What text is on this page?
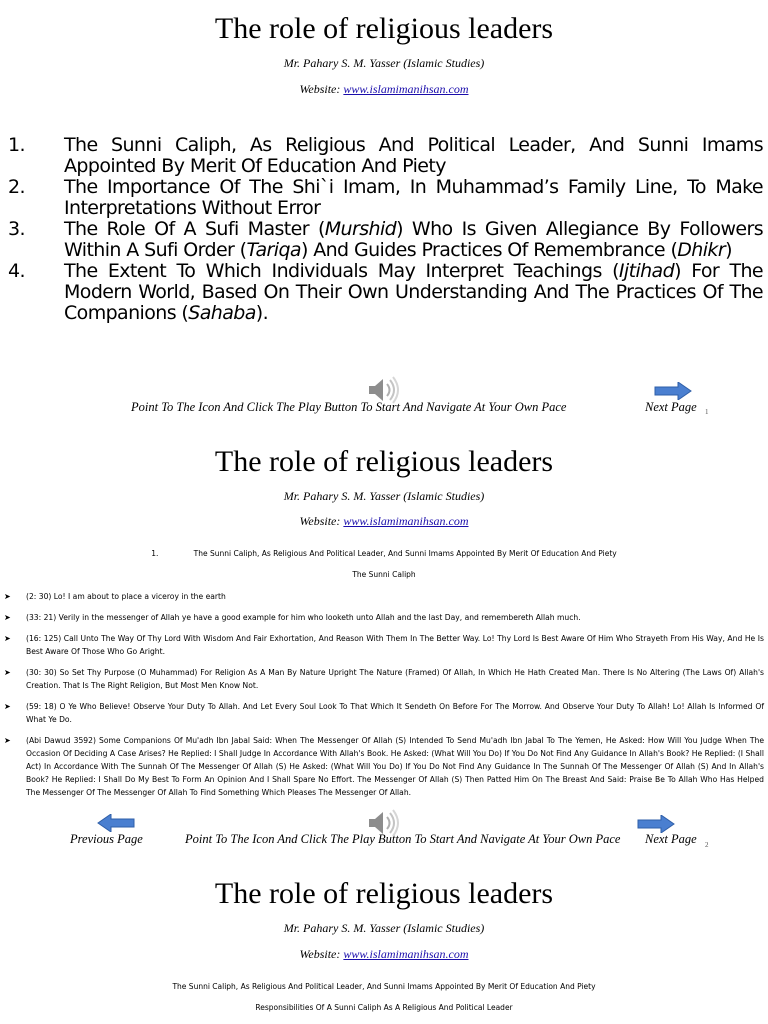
The role of religious leaders
Mr. Pahary S. M. Yasser (Islamic Studies)
Website: www.islamimanihsan.com
1. The Sunni Caliph, As Religious And Political Leader, And Sunni Imams Appointed By Merit Of Education And Piety
2. The Importance Of The Shi`i Imam, In Muhammad’s Family Line, To Make Interpretations Without Error
3. The Role Of A Sufi Master (Murshid) Who Is Given Allegiance By Followers Within A Sufi Order (Tariqa) And Guides Practices Of Remembrance (Dhikr)
4. The Extent To Which Individuals May Interpret Teachings (Ijtihad) For The Modern World, Based On Their Own Understanding And The Practices Of The Companions (Sahaba).
Point To The Icon And Click The Play Button To Start And Navigate At Your Own Pace	Next Page 1
The role of religious leaders
Mr. Pahary S. M. Yasser (Islamic Studies)
Website: www.islamimanihsan.com
1.	The Sunni Caliph, As Religious And Political Leader, And Sunni Imams Appointed By Merit Of Education And Piety
The Sunni Caliph
➤ (2: 30) Lo! I am about to place a viceroy in the earth
➤ (33: 21) Verily in the messenger of Allah ye have a good example for him who looketh unto Allah and the last Day, and remembereth Allah much.
➤ (16: 125) Call Unto The Way Of Thy Lord With Wisdom And Fair Exhortation, And Reason With Them In The Better Way. Lo! Thy Lord Is Best Aware Of Him Who Strayeth From His Way, And He Is Best Aware Of Those Who Go Aright.
➤ (30: 30) So Set Thy Purpose (O Muhammad) For Religion As A Man By Nature Upright The Nature (Framed) Of Allah, In Which He Hath Created Man. There Is No Altering (The Laws Of) Allah's Creation. That Is The Right Religion, But Most Men Know Not.
➤ (59: 18) O Ye Who Believe! Observe Your Duty To Allah. And Let Every Soul Look To That Which It Sendeth On Before For The Morrow. And Observe Your Duty To Allah! Lo! Allah Is Informed Of What Ye Do.
➤ (Abi Dawud 3592) Some Companions Of Mu'adh Ibn Jabal Said: When The Messenger Of Allah (S) Intended To Send Mu'adh Ibn Jabal To The Yemen, He Asked: How Will You Judge When The Occasion Of Deciding A Case Arises? He Replied: I Shall Judge In Accordance With Allah's Book. He Asked: (What Will You Do) If You Do Not Find Any Guidance In Allah's Book? He Replied: (I Shall Act) In Accordance With The Sunnah Of The Messenger Of Allah (S) He Asked: (What Will You Do) If You Do Not Find Any Guidance In The Sunnah Of The Messenger Of Allah (S) And In Allah's Book? He Replied: I Shall Do My Best To Form An Opinion And I Shall Spare No Effort. The Messenger Of Allah (S) Then Patted Him On The Breast And Said: Praise Be To Allah Who Has Helped The Messenger Of The Messenger Of Allah To Find Something Which Pleases The Messenger Of Allah.
Previous Page	Point To The Icon And Click The Play Button To Start And Navigate At Your Own Pace Next Page 2
The role of religious leaders
Mr. Pahary S. M. Yasser (Islamic Studies)
Website: www.islamimanihsan.com
The Sunni Caliph, As Religious And Political Leader, And Sunni Imams Appointed By Merit Of Education And Piety
Responsibilities Of A Sunni Caliph As A Religious And Political Leader
